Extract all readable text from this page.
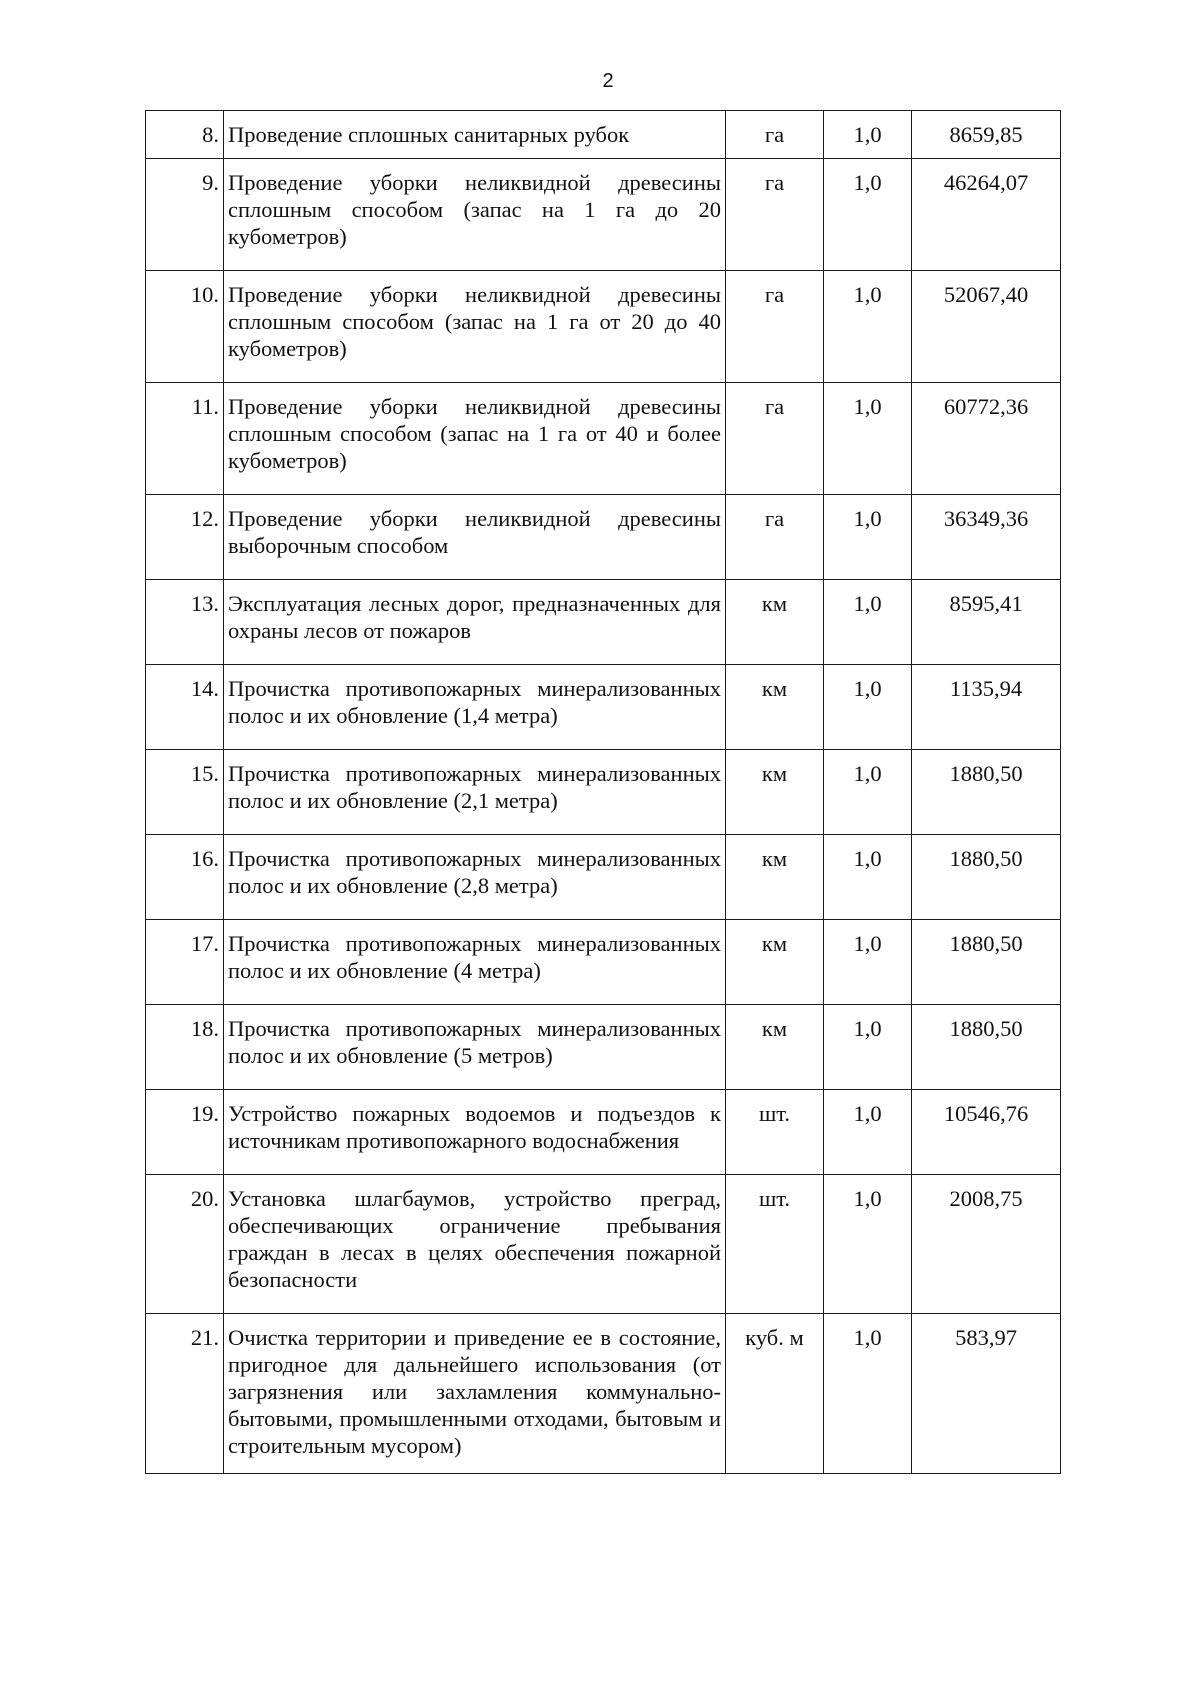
2
8.	Проведение сплошных санитарных рубок	га	1,0	8659,85
9.	Проведение уборки неликвидной древесины сплошным способом (запас на 1 га до 20 кубометров)	га	1,0	46264,07
10.	Проведение уборки неликвидной древесины сплошным способом (запас на 1 га от 20 до 40 кубометров)	га	1,0	52067,40
11.	Проведение уборки неликвидной древесины сплошным способом (запас на 1 га от 40 и более кубометров)	га	1,0	60772,36
12.	Проведение уборки неликвидной древесины выборочным способом	га	1,0	36349,36
13.	Эксплуатация лесных дорог, предназначенных для охраны лесов от пожаров	км	1,0	8595,41
14.	Прочистка противопожарных минерализованных полос и их обновление (1,4 метра)	км	1,0	1135,94
15.	Прочистка противопожарных минерализованных полос и их обновление (2,1 метра)	км	1,0	1880,50
16.	Прочистка противопожарных минерализованных полос и их обновление (2,8 метра)	км	1,0	1880,50
17.	Прочистка противопожарных минерализованных полос и их обновление (4 метра)	км	1,0	1880,50
18.	Прочистка противопожарных минерализованных полос и их обновление (5 метров)	км	1,0	1880,50
19.	Устройство пожарных водоемов и подъездов к источникам противопожарного водоснабжения	шт.	1,0	10546,76
20.	Установка шлагбаумов, устройство преград, обеспечивающих ограничение пребывания граждан в лесах в целях обеспечения пожарной безопасности	шт.	1,0	2008,75
21.	Очистка территории и приведение ее в состояние, пригодное для дальнейшего использования (от загрязнения или захламления коммунально-бытовыми, промышленными отходами, бытовым и строительным мусором)	куб. м	1,0	583,97
